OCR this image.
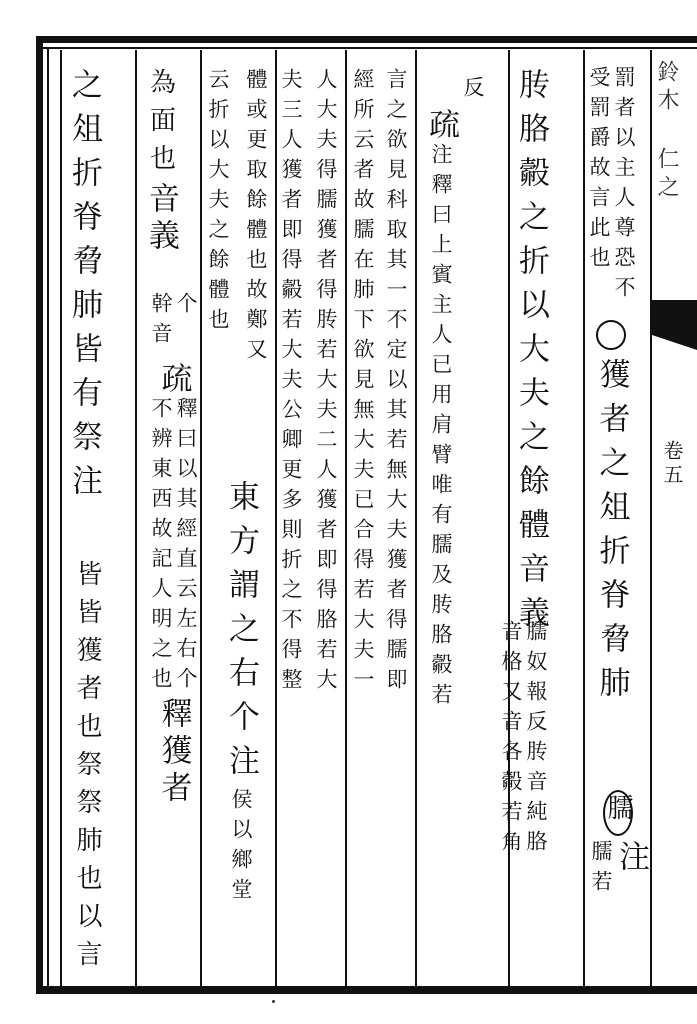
鈴木 仁之
卷五
罰者以主人尊恐不
受罰爵故言此也
獲者之俎折脊脅肺
臑
注
臑若
䏝胳㲉之折以大夫之餘體
音義
臑奴報反䏝音純胳
音格又音各㲉若角
反
疏
注釋曰上賓主人已用肩臂唯有臑及䏝胳㲉若
言之欲見科取其一不定以其若無大夫獲者得臑即
經所云者故臑在肺下欲見無大夫已合得若大夫一
人大夫得臑獲者得䏝若大夫二人獲者即得胳若大
夫三人獲者即得㲉若大夫公卿更多則折之不得整
體或更取餘體也故鄭又
云折以大夫之餘體也
東方謂之右个注
侯以鄉堂
為面也
音義
个
幹音
疏
釋曰以其經直云左右个
不辨東西故記人明之也
釋獲者
之俎折脊脅肺皆有祭注
皆皆獲者也祭祭肺也以言
